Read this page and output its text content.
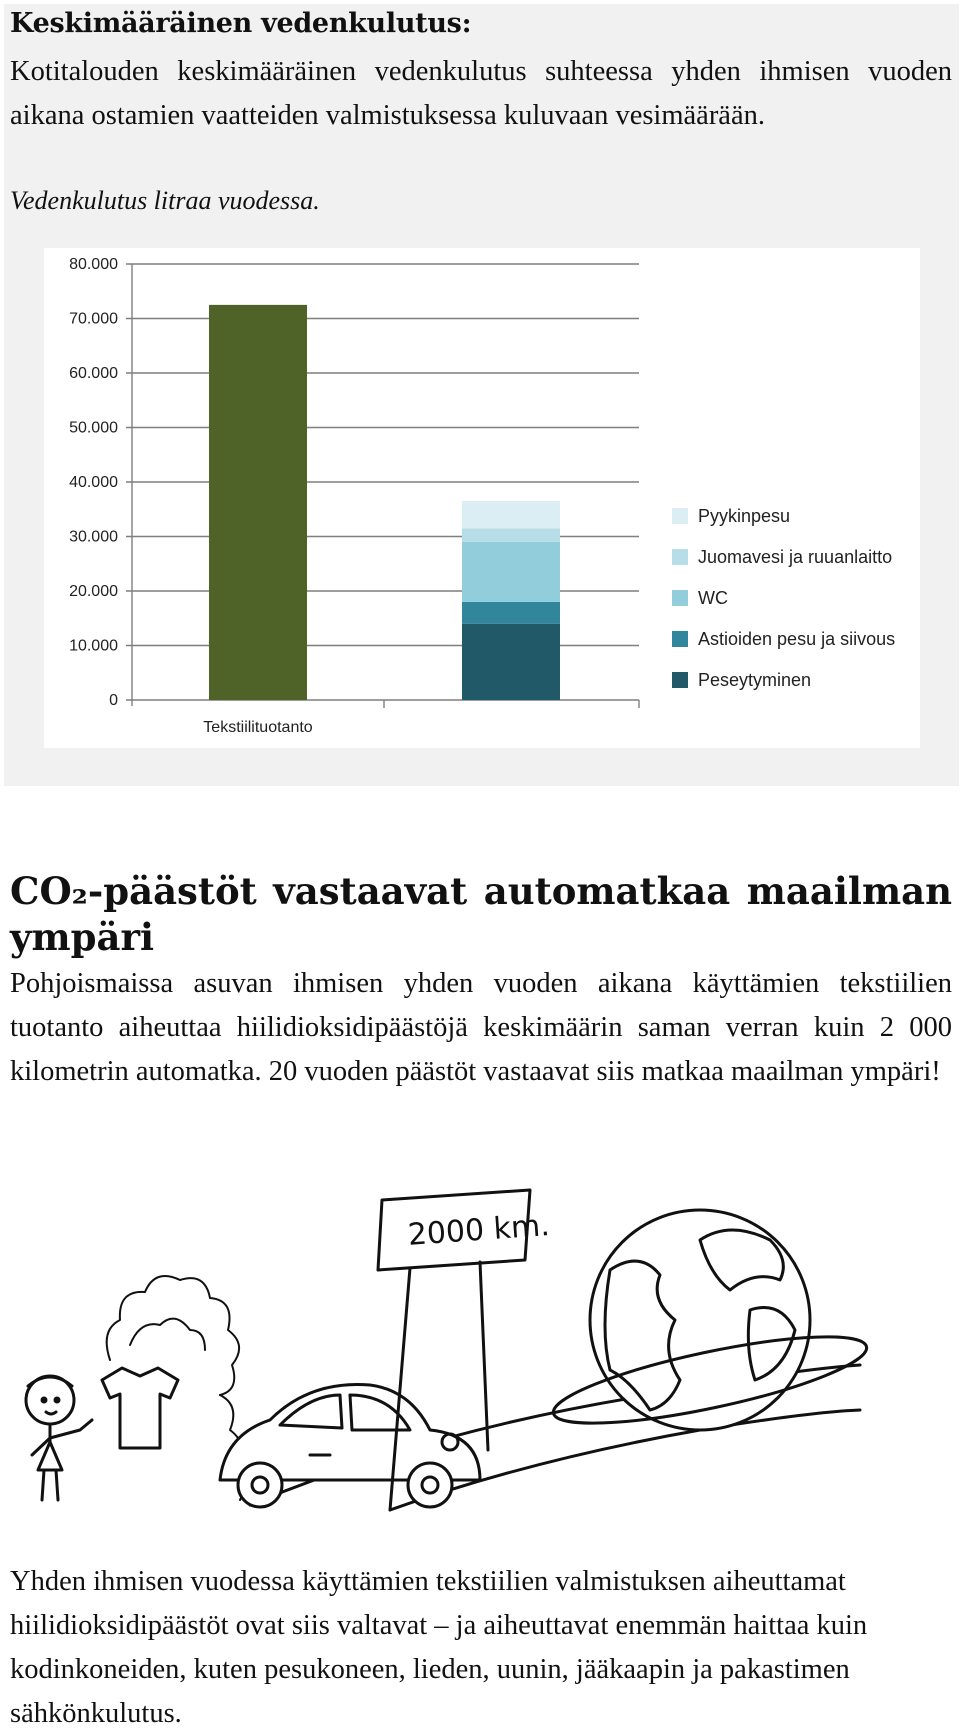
Keskimääräinen vedenkulutus:
Kotitalouden keskimääräinen vedenkulutus suhteessa yhden ihmisen vuoden aikana ostamien vaatteiden valmistuksessa kuluvaan vesimäärään.
Vedenkulutus litraa vuodessa.
0
10.000
20.000
30.000
40.000
50.000
60.000
70.000
80.000
Tekstiilituotanto
Pyykinpesu
Juomavesi ja ruuanlaitto
WC
Astioiden pesu ja siivous
Peseytyminen
CO₂-päästöt vastaavat automatkaa maailman
ympäri
Pohjoismaissa asuvan ihmisen yhden vuoden aikana käyttämien tekstiilien tuotanto aiheuttaa hiilidioksidipäästöjä keskimäärin saman verran kuin 2 000 kilometrin automatka. 20 vuoden päästöt vastaavat siis matkaa maailman ympäri!
2000 km.
Yhden ihmisen vuodessa käyttämien tekstiilien valmistuksen aiheuttamat hiilidioksidipäästöt ovat siis valtavat – ja aiheuttavat enemmän haittaa kuin kodinkoneiden, kuten pesukoneen, lieden, uunin, jääkaapin ja pakastimen sähkönkulutus.
